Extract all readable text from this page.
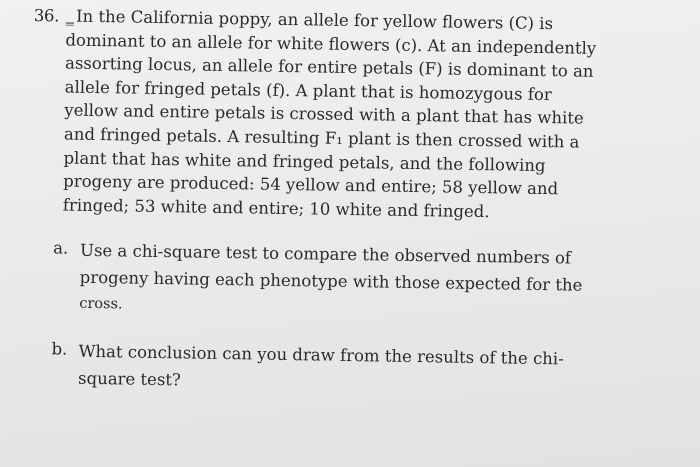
36. _ In the California poppy, an allele for yellow flowers (C) is
dominant to an allele for white flowers (c). At an independently
assorting locus, an allele for entire petals (F) is dominant to an
allele for fringed petals (f). A plant that is homozygous for
yellow and entire petals is crossed with a plant that has white
and fringed petals. A resulting F₁ plant is then crossed with a
plant that has white and fringed petals, and the following
progeny are produced: 54 yellow and entire; 58 yellow and
fringed; 53 white and entire; 10 white and fringed.
a. Use a chi-square test to compare the observed numbers of
progeny having each phenotype with those expected for the
cross.
b. What conclusion can you draw from the results of the chi-
square test?
